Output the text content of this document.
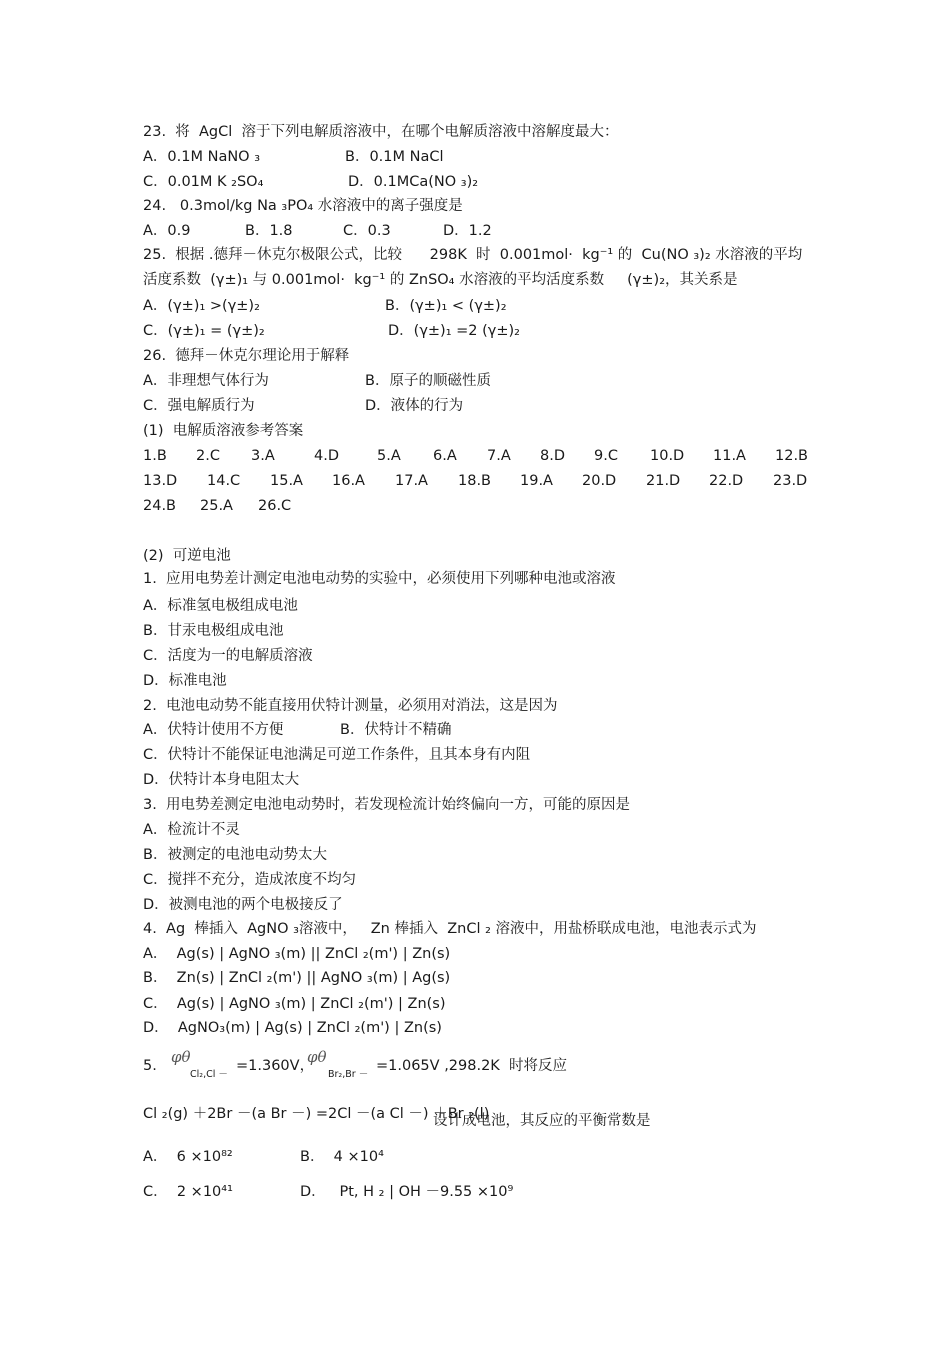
23.  将  AgCl  溶于下列电解质溶液中，在哪个电解质溶液中溶解度最大：
A．0.1M NaNO ₃	B．0.1M NaCl
C．0.01M K ₂SO₄	D．0.1MCa(NO ₃)₂
24.   0.3mol/kg Na ₃PO₄ 水溶液中的离子强度是
A．0.9	B．1.8	C．0.3	D．1.2
25.  根据 .德拜－休克尔极限公式，比较      298K  时  0.001mol·  kg⁻¹ 的  Cu(NO ₃)₂ 水溶液的平均
活度系数  (γ±)₁ 与 0.001mol·  kg⁻¹ 的 ZnSO₄ 水溶液的平均活度系数     (γ±)₂，其关系是
A．(γ±)₁ >(γ±)₂	B．(γ±)₁ < (γ±)₂
C．(γ±)₁ = (γ±)₂	D．(γ±)₁ =2 (γ±)₂
26.  德拜－休克尔理论用于解释
A．非理想气体行为	B．原子的顺磁性质
C．强电解质行为	D．液体的行为
(1)  电解质溶液参考答案
1.B 2.C 3.A	4.D	5.A 6.A 7.A 8.D 9.C 10.D 11.A 12.B
13.D 14.C 15.A 16.A 17.A 18.B 19.A 20.D 21.D 22.D 23.D
24.B 25.A 26.C
(2)  可逆电池
1.  应用电势差计测定电池电动势的实验中，必须使用下列哪种电池或溶液
A．标准氢电极组成电池
B．甘汞电极组成电池
C．活度为一的电解质溶液
D．标准电池
2.  电池电动势不能直接用伏特计测量，必须用对消法，这是因为
A．伏特计使用不方便	B．伏特计不精确
C．伏特计不能保证电池满足可逆工作条件，且其本身有内阻
D．伏特计本身电阻太大
3.  用电势差测定电池电动势时，若发现检流计始终偏向一方，可能的原因是
A．检流计不灵
B．被测定的电池电动势太大
C．搅拌不充分，造成浓度不均匀
D．被测电池的两个电极接反了
4.  Ag  棒插入  AgNO ₃溶液中，   Zn 棒插入  ZnCl ₂ 溶液中，用盐桥联成电池，电池表示式为
A．  Ag(s) | AgNO ₃(m) || ZnCl ₂(m') | Zn(s)
B．  Zn(s) | ZnCl ₂(m') || AgNO ₃(m) | Ag(s)
C．  Ag(s) | AgNO ₃(m) | ZnCl ₂(m') | Zn(s)
D．  AgNO₃(m) | Ag(s) | ZnCl ₂(m') | Zn(s)
5. φθ
Cl₂,Cl －
=1.360V，
φθ
Br₂,Br －
=1.065V ,298.2K  时将反应
Cl ₂(g) ＋2Br －(a Br －) =2Cl －(a Cl －) ＋Br ₂(l)
设计成电池，其反应的平衡常数是
A．  6 ×10⁸²	B．  4 ×10⁴
C．  2 ×10⁴¹	D．   Pt, H ₂ | OH －9.55 ×10⁹
